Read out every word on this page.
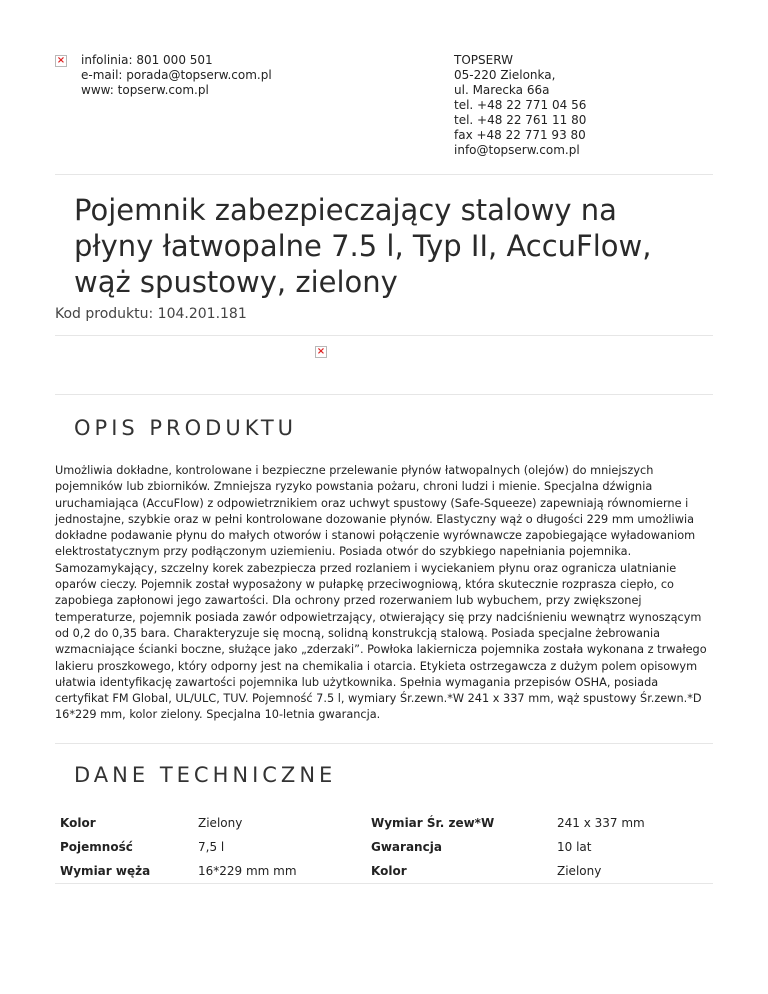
× infolinia: 801 000 501
e-mail: porada@topserw.com.pl
www: topserw.com.pl
TOPSERW
05-220 Zielonka,
ul. Marecka 66a
tel. +48 22 771 04 56
tel. +48 22 761 11 80
fax +48 22 771 93 80
info@topserw.com.pl
Pojemnik zabezpieczający stalowy na płyny łatwopalne 7.5 l, Typ II, AccuFlow, wąż spustowy, zielony
Kod produktu: 104.201.181
×
OPIS PRODUKTU

Umożliwia dokładne, kontrolowane i bezpieczne przelewanie płynów łatwopalnych (olejów) do mniejszych pojemników lub zbiorników. Zmniejsza ryzyko powstania pożaru, chroni ludzi i mienie. Specjalna dźwignia uruchamiająca (AccuFlow) z odpowietrznikiem oraz uchwyt spustowy (Safe-Squeeze) zapewniają równomierne i jednostajne, szybkie oraz w pełni kontrolowane dozowanie płynów. Elastyczny wąż o długości 229 mm umożliwia dokładne podawanie płynu do małych otworów i stanowi połączenie wyrównawcze zapobiegające wyładowaniom elektrostatycznym przy podłączonym uziemieniu. Posiada otwór do szybkiego napełniania pojemnika. Samozamykający, szczelny korek zabezpiecza przed rozlaniem i wyciekaniem płynu oraz ogranicza ulatnianie oparów cieczy. Pojemnik został wyposażony w pułapkę przeciwogniową, która skutecznie rozprasza ciepło, co zapobiega zapłonowi jego zawartości. Dla ochrony przed rozerwaniem lub wybuchem, przy zwiększonej temperaturze, pojemnik posiada zawór odpowietrzający, otwierający się przy nadciśnieniu wewnątrz wynoszącym od 0,2 do 0,35 bara. Charakteryzuje się mocną, solidną konstrukcją stalową. Posiada specjalne żebrowania wzmacniające ścianki boczne, służące jako „zderzaki”. Powłoka lakiernicza pojemnika została wykonana z trwałego lakieru proszkowego, który odporny jest na chemikalia i otarcia. Etykieta ostrzegawcza z dużym polem opisowym ułatwia identyfikację zawartości pojemnika lub użytkownika. Spełnia wymagania przepisów OSHA, posiada certyfikat FM Global, UL/ULC, TUV. Pojemność 7.5 l, wymiary Śr.zewn.*W 241 x 337 mm, wąż spustowy Śr.zewn.*D 16*229 mm, kolor zielony. Specjalna 10-letnia gwarancja.

DANE TECHNICZNE
Kolor	Zielony	Wymiar Śr. zew*W	241 x 337 mm
Pojemność	7,5 l	Gwarancja	10 lat
Wymiar węża	16*229 mm mm	Kolor	Zielony
